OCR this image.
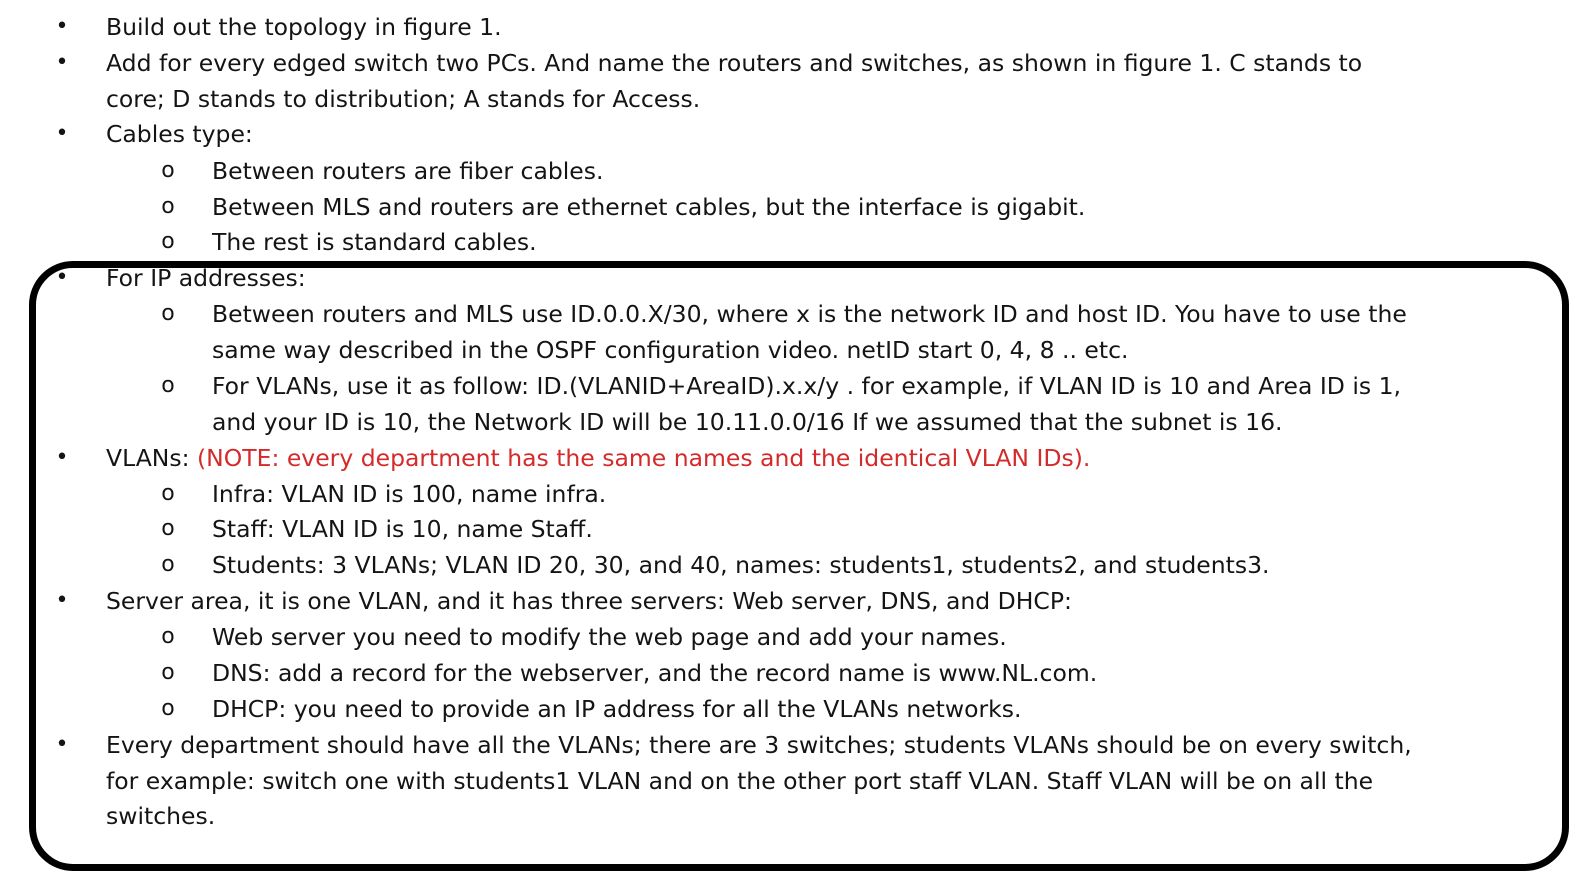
• Build out the topology in figure 1.
• Add for every edged switch two PCs. And name the routers and switches, as shown in figure 1. C stands to
core; D stands to distribution; A stands for Access.
• Cables type:
o Between routers are fiber cables.
o Between MLS and routers are ethernet cables, but the interface is gigabit.
o The rest is standard cables.
• For IP addresses:
o Between routers and MLS use ID.0.0.X/30, where x is the network ID and host ID. You have to use the
same way described in the OSPF configuration video. netID start 0, 4, 8 .. etc.
o For VLANs, use it as follow: ID.(VLANID+AreaID).x.x/y . for example, if VLAN ID is 10 and Area ID is 1,
and your ID is 10, the Network ID will be 10.11.0.0/16 If we assumed that the subnet is 16.
• VLANs: (NOTE: every department has the same names and the identical VLAN IDs).
o Infra: VLAN ID is 100, name infra.
o Staff: VLAN ID is 10, name Staff.
o Students: 3 VLANs; VLAN ID 20, 30, and 40, names: students1, students2, and students3.
• Server area, it is one VLAN, and it has three servers: Web server, DNS, and DHCP:
o Web server you need to modify the web page and add your names.
o DNS: add a record for the webserver, and the record name is www.NL.com.
o DHCP: you need to provide an IP address for all the VLANs networks.
• Every department should have all the VLANs; there are 3 switches; students VLANs should be on every switch,
for example: switch one with students1 VLAN and on the other port staff VLAN. Staff VLAN will be on all the
switches.
